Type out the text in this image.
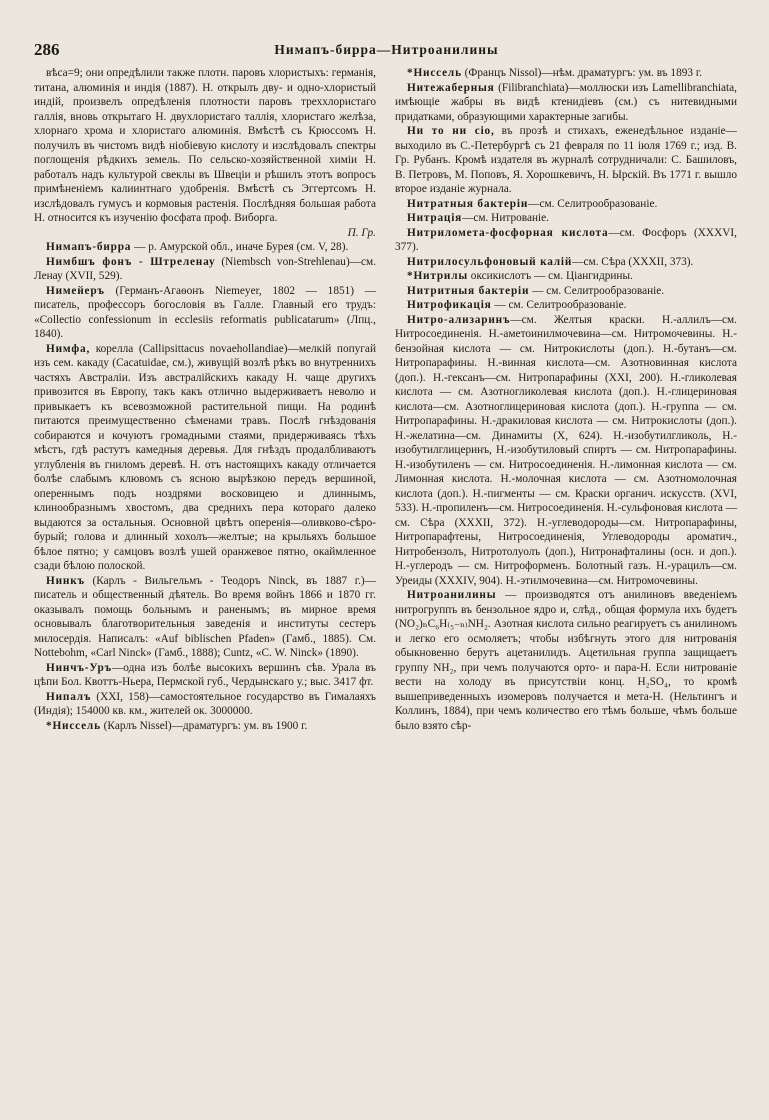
286	Нимапъ-бирра—Нитроанилины

вѣса=9; они опредѣлили также плотн. паровъ хлористыхъ: германія, титана, алюминія и индія (1887). Н. открылъ дву- и одно-хлористый индій, произвелъ опредѣленія плотности паровъ треххлористаго галлія, вновь открытаго Н. двухлористаго таллія, хлористаго желѣза, хлорнаго хрома и хлористаго алюминія. Вмѣстѣ съ Крюссомъ Н. получилъ въ чистомъ видѣ ніобіевую кислоту и изслѣдовалъ спектры поглощенія рѣдкихъ земель. По сельско-хозяйственной химіи Н. работалъ надъ культурой свеклы въ Швеціи и рѣшилъ этотъ вопросъ примѣненіемъ калиинтнаго удобренія. Вмѣстѣ съ Эггертсомъ Н. изслѣдовалъ гумусъ и кормовыя растенія. Послѣдняя большая работа Н. относится къ изученію фосфата проф. Виборга.

П. Гр.

Нимапъ-бирра — р. Амурской обл., иначе Бурея (см. V, 28).

Нимбшъ фонъ - Штреленау (Niembsch von-Strehlenau)—см. Ленау (XVII, 529).

Нимейеръ (Германъ-Агаѳонъ Niemeyer, 1802 — 1851) — писатель, профессоръ богословія въ Галле. Главный его трудъ: «Collectio confessionum in ecclesiis reformatis publicatarum» (Лпц., 1840).

Нимфа, корелла (Callipsittacus novaehollandiae)—мелкій попугай изъ сем. какаду (Cacatuidae, см.), живущій возлѣ рѣкъ во внутреннихъ частяхъ Австраліи. Изъ австралійскихъ какаду Н. чаще другихъ привозится въ Европу, такъ какъ отлично выдерживаетъ неволю и привыкаетъ къ всевозможной растительной пищи. На родинѣ питаются преимущественно сѣменами травъ. Послѣ гнѣздованія собираются и кочуютъ громадными стаями, придерживаясь тѣхъ мѣстъ, гдѣ растутъ камедныя деревья. Для гнѣздъ продалбливаютъ углубленія въ гниломъ деревѣ. Н. отъ настоящихъ какаду отличается болѣе слабымъ клювомъ съ ясною вырѣзкою передъ вершиной, опереннымъ подъ ноздрями восковицею и длиннымъ, клинообразнымъ хвостомъ, два среднихъ пера котораго далеко выдаются за остальныя. Основной цвѣтъ оперенія—оливково-сѣро-бурый; голова и длинный хохолъ—желтые; на крыльяхъ большое бѣлое пятно; у самцовъ возлѣ ушей оранжевое пятно, окаймленное сзади бѣлою полоской.

Нинкъ (Карлъ - Вильгельмъ - Теодоръ Ninck, въ 1887 г.)—писатель и общественный дѣятель. Во время войнъ 1866 и 1870 гг. оказывалъ помощь больнымъ и раненымъ; въ мирное время основывалъ благотворительныя заведенія и институты сестеръ милосердія. Написалъ: «Auf biblischen Pfaden» (Гамб., 1885). См. Nottebohm, «Carl Ninck» (Гамб., 1888); Cuntz, «C. W. Ninck» (1890).

Нинчъ-Уръ—одна изъ болѣе высокихъ вершинъ сѣв. Урала въ цѣпи Бол. Квоттъ-Ньера, Пермской губ., Чердынскаго у.; выс. 3417 фт.

Нипалъ (XXI, 158)—самостоятельное государство въ Гималаяхъ (Индія); 154000 кв. км., жителей ок. 3000000.

*Ниссель (Карлъ Nissel)—драматургъ: ум. въ 1900 г.

*Ниссель (Францъ Nissol)—нѣм. драматургъ: ум. въ 1893 г.

Нитежаберныя (Filibranchiata)—моллюски изъ Lamellibranchiata, имѣющіе жабры въ видѣ ктенидіевъ (см.) съ нитевидными придатками, образующими характерные загибы.

Ни то ни сіо, въ прозѣ и стихахъ, еженедѣльное изданіе—выходило въ С.-Петербургѣ съ 21 февраля по 11 іюля 1769 г.; изд. В. Гр. Рубанъ. Кромѣ издателя въ журналѣ сотрудничали: С. Башиловъ, В. Петровъ, М. Поповъ, Я. Хорошкевичъ, Н. Ырскій. Въ 1771 г. вышло второе изданіе журнала.

Нитратныя бактеріи—см. Селитрообразованіе.

Нитрація—см. Нитрованіе.

Нитриломета-фосфорная кислота—см. Фосфоръ (XXXVI, 377).

Нитрилосульфоновый калій—см. Сѣра (XXXII, 373).

*Нитрилы оксикислотъ — см. Ціангидрины.

Нитритныя бактеріи — см. Селитрообразованіе.

Нитрофикація — см. Селитрообразованіе.

Нитро-ализаринъ—см. Желтыя краски. Н.-аллилъ—см. Нитросоединенія. Н.-аметоинилмочевина—см. Нитромочевины. Н.-бензойная кислота — см. Нитрокислоты (доп.). Н.-бутанъ—см. Нитропарафины. Н.-винная кислота—см. Азотновинная кислота (доп.). Н.-гексанъ—см. Нитропарафины (XXI, 200). Н.-гликолевая кислота — см. Азотногликолевая кислота (доп.). Н.-глицериновая кислота—см. Азотноглицериновая кислота (доп.). Н.-группа — см. Нитропарафины. Н.-дракиловая кислота — см. Нитрокислоты (доп.). Н.-желатина—см. Динамиты (X, 624). Н.-изобутилгликоль, Н.-изобутилглицеринъ, Н.-изобутиловый спиртъ — см. Нитропарафины. Н.-изобутиленъ — см. Нитросоединенія. Н.-лимонная кислота — см. Лимонная кислота. Н.-молочная кислота — см. Азотномолочная кислота (доп.). Н.-пигменты — см. Краски органич. искусств. (XVI, 533). Н.-пропиленъ—см. Нитросоединенія. Н.-сульфоновая кислота — см. Сѣра (XXXII, 372). Н.-углеводороды—см. Нитропарафины, Нитропарафтены, Нитросоединенія, Углеводороды ароматич., Нитробензолъ, Нитротолуолъ (доп.), Нитронафталины (осн. и доп.). Н.-углеродъ — см. Нитроформенъ. Болотный газъ. Н.-урацилъ—см. Уреиды (XXXIV, 904). Н.-этилмочевина—см. Нитромочевины.

Нитроанилины — производятся отъ анилиновъ введеніемъ нитрогруппъ въ бензольное ядро и, слѣд., общая формула ихъ будетъ (NO₂)ₙC₆H₍₅₋ₙ₎NH₂. Азотная кислота сильно реагируетъ съ анилиномъ и легко его осмоляетъ; чтобы избѣгнуть этого для нитрованія обыкновенно берутъ ацетанилидъ. Ацетильная группа защищаетъ группу NH₂, при чемъ получаются орто- и пара-Н. Если нитрованіе вести на холоду въ присутствіи конц. H₂SO₄, то кромѣ вышеприведенныхъ изомеровъ получается и мета-Н. (Нельтингъ и Коллинъ, 1884), при чемъ количество его тѣмъ больше, чѣмъ больше было взято сѣр-
